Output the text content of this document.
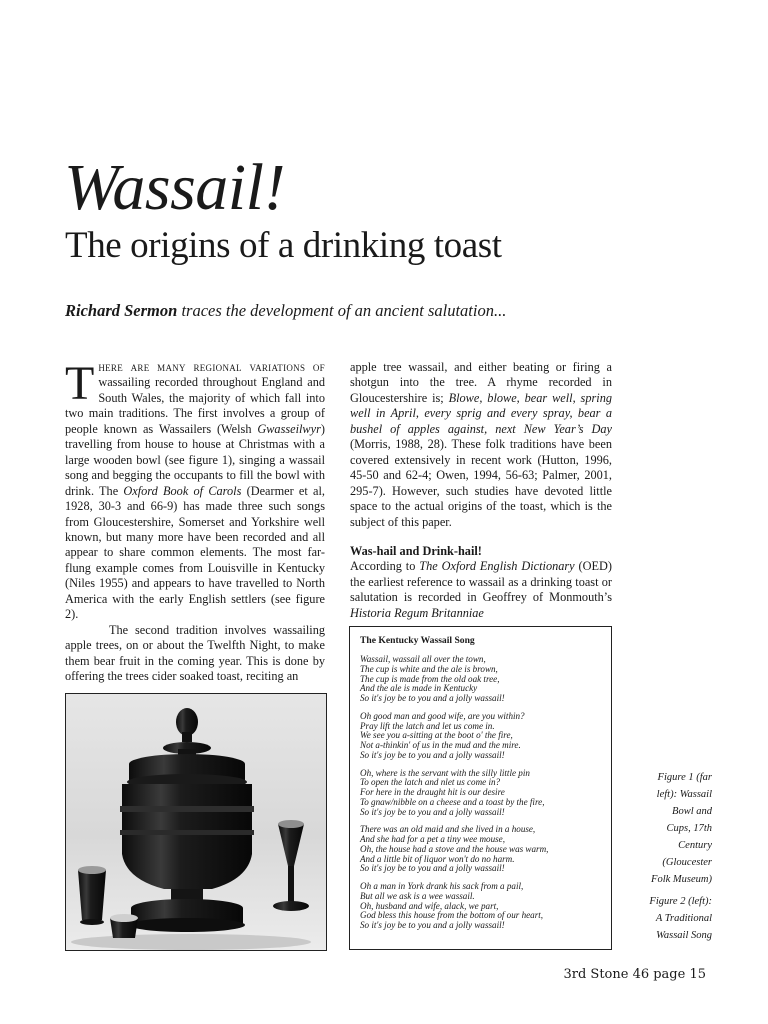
Wassail!
The origins of a drinking toast

Richard Sermon traces the development of an ancient salutation...

There are many regional variations of wassailing recorded throughout England and South Wales, the majority of which fall into two main traditions. The first involves a group of people known as Wassailers (Welsh Gwasseilwyr) travelling from house to house at Christmas with a large wooden bowl (see figure 1), singing a wassail song and begging the occupants to fill the bowl with drink. The Oxford Book of Carols (Dearmer et al, 1928, 30-3 and 66-9) has made three such songs from Gloucestershire, Somerset and Yorkshire well known, but many more have been recorded and all appear to share common elements. The most far-flung example comes from Louisville in Kentucky (Niles 1955) and appears to have travelled to North America with the early English settlers (see figure 2).

The second tradition involves wassailing apple trees, on or about the Twelfth Night, to make them bear fruit in the coming year. This is done by offering the trees cider soaked toast, reciting an

apple tree wassail, and either beating or firing a shotgun into the tree. A rhyme recorded in Gloucestershire is; Blowe, blowe, bear well, spring well in April, every sprig and every spray, bear a bushel of apples against, next New Year’s Day (Morris, 1988, 28). These folk traditions have been covered extensively in recent work (Hutton, 1996, 45-50 and 62-4; Owen, 1994, 56-63; Palmer, 2001, 295-7). However, such studies have devoted little space to the actual origins of the toast, which is the subject of this paper.

Was-hail and Drink-hail!

According to The Oxford English Dictionary (OED) the earliest reference to wassail as a drinking toast or salutation is recorded in Geoffrey of Monmouth’s Historia Regum Britanniae

The Kentucky Wassail Song

Wassail, wassail all over the town,
The cup is white and the ale is brown,
The cup is made from the old oak tree,
And the ale is made in Kentucky
So it's joy be to you and a jolly wassail!
Oh good man and good wife, are you within?
Pray lift the latch and let us come in.
We see you a-sitting at the boot o' the fire,
Not a-thinkin' of us in the mud and the mire.
So it's joy be to you and a jolly wassail!
Oh, where is the servant with the silly little pin
To open the latch and nlet us come in?
For here in the draught hit is our desire
To gnaw/nibble on a cheese and a toast by the fire,
So it's joy be to you and a jolly wassail!
There was an old maid and she lived in a house,
And she had for a pet a tiny wee mouse,
Oh, the house had a stove and the house was warm,
And a little bit of liquor won't do no harm.
So it's joy be to you and a jolly wassail!
Oh a man in York drank his sack from a pail,
But all we ask is a wee wassail.
Oh, husband and wife, alack, we part,
God bless this house from the bottom of our heart,
So it's joy be to you and a jolly wassail!
Figure 1 (far
left): Wassail
Bowl and
Cups, 17th
Century
(Gloucester
Folk Museum)
Figure 2 (left):
A Traditional
Wassail Song

3rd Stone 46 page 15
